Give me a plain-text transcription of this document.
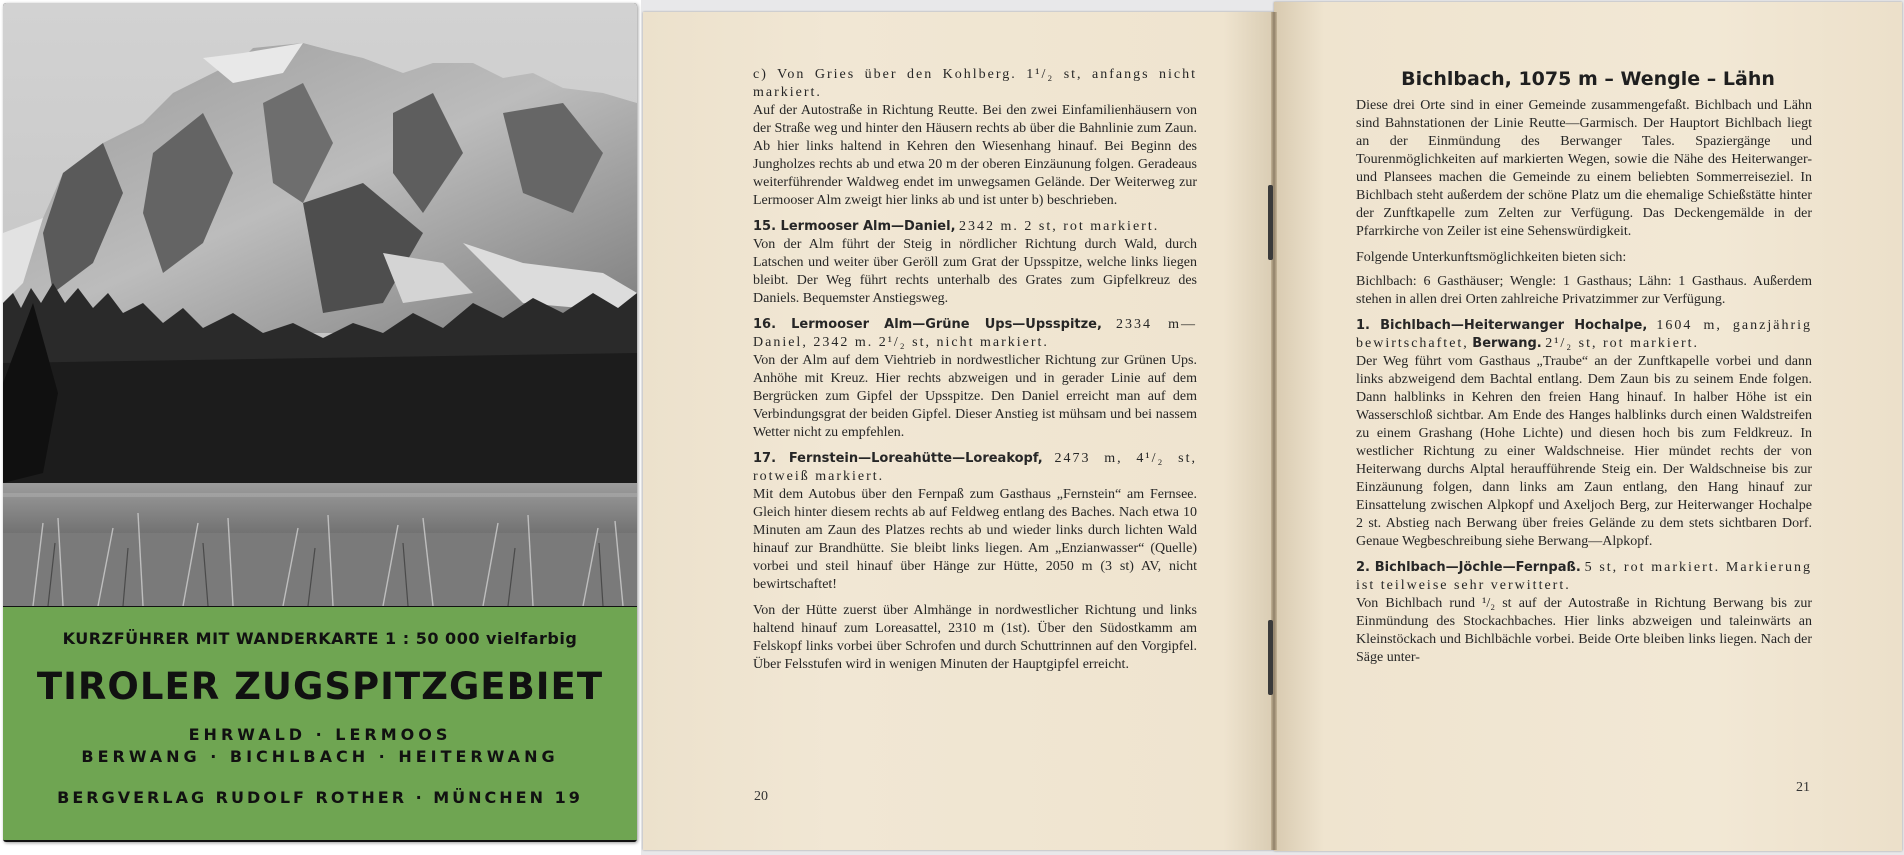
KURZFÜHRER MIT WANDERKARTE 1 : 50 000 vielfarbig
TIROLER ZUGSPITZGEBIET
EHRWALD · LERMOOS
BERWANG · BICHLBACH · HEITERWANG
BERGVERLAG RUDOLF ROTHER · MÜNCHEN 19

c) Von Gries über den Kohlberg. 1¹/₂ st, anfangs nicht markiert.
Auf der Autostraße in Richtung Reutte. Bei den zwei Einfamilienhäusern von der Straße weg und hinter den Häusern rechts ab über die Bahnlinie zum Zaun. Ab hier links haltend in Kehren den Wiesenhang hinauf. Bei Beginn des Jungholzes rechts ab und etwa 20 m der oberen Einzäunung folgen. Geradeaus weiterführender Waldweg endet im unwegsamen Gelände. Der Weiterweg zur Lermooser Alm zweigt hier links ab und ist unter b) beschrieben.

15. Lermooser Alm—Daniel, 2342 m. 2 st, rot markiert.
Von der Alm führt der Steig in nördlicher Richtung durch Wald, durch Latschen und weiter über Geröll zum Grat der Upsspitze, welche links liegen bleibt. Der Weg führt rechts unterhalb des Grates zum Gipfelkreuz des Daniels. Bequemster Anstiegsweg.

16. Lermooser Alm—Grüne Ups—Upsspitze, 2334 m—Daniel, 2342 m. 2¹/₂ st, nicht markiert.
Von der Alm auf dem Viehtrieb in nordwestlicher Richtung zur Grünen Ups. Anhöhe mit Kreuz. Hier rechts abzweigen und in gerader Linie auf dem Bergrücken zum Gipfel der Upsspitze. Den Daniel erreicht man auf dem Verbindungsgrat der beiden Gipfel. Dieser Anstieg ist mühsam und bei nassem Wetter nicht zu empfehlen.

17. Fernstein—Loreahütte—Loreakopf, 2473 m, 4¹/₂ st, rotweiß markiert.
Mit dem Autobus über den Fernpaß zum Gasthaus „Fernstein“ am Fernsee. Gleich hinter diesem rechts ab auf Feldweg entlang des Baches. Nach etwa 10 Minuten am Zaun des Platzes rechts ab und wieder links durch lichten Wald hinauf zur Brandhütte. Sie bleibt links liegen. Am „Enzianwasser“ (Quelle) vorbei und steil hinauf über Hänge zur Hütte, 2050 m (3 st) AV, nicht bewirtschaftet!

Von der Hütte zuerst über Almhänge in nordwestlicher Richtung und links haltend hinauf zum Loreasattel, 2310 m (1st). Über den Südostkamm am Felskopf links vorbei über Schrofen und durch Schuttrinnen auf den Vorgipfel. Über Felsstufen wird in wenigen Minuten der Hauptgipfel erreicht.

20
Bichlbach, 1075 m – Wengle – Lähn

Diese drei Orte sind in einer Gemeinde zusammengefaßt. Bichlbach und Lähn sind Bahnstationen der Linie Reutte—Garmisch. Der Hauptort Bichlbach liegt an der Einmündung des Berwanger Tales. Spaziergänge und Tourenmöglichkeiten auf markierten Wegen, sowie die Nähe des Heiterwanger- und Plansees machen die Gemeinde zu einem beliebten Sommerreiseziel. In Bichlbach steht außerdem der schöne Platz um die ehemalige Schießstätte hinter der Zunftkapelle zum Zelten zur Verfügung. Das Deckengemälde in der Pfarrkirche von Zeiler ist eine Sehenswürdigkeit.

Folgende Unterkunftsmöglichkeiten bieten sich:

Bichlbach: 6 Gasthäuser; Wengle: 1 Gasthaus; Lähn: 1 Gasthaus. Außerdem stehen in allen drei Orten zahlreiche Privatzimmer zur Verfügung.

1. Bichlbach—Heiterwanger Hochalpe, 1604 m, ganzjährig bewirtschaftet, Berwang. 2¹/₂ st, rot markiert.
Der Weg führt vom Gasthaus „Traube“ an der Zunftkapelle vorbei und dann links abzweigend dem Bachtal entlang. Dem Zaun bis zu seinem Ende folgen. Dann halblinks in Kehren den freien Hang hinauf. In halber Höhe ist ein Wasserschloß sichtbar. Am Ende des Hanges halblinks durch einen Waldstreifen zu einem Grashang (Hohe Lichte) und diesen hoch bis zum Feldkreuz. In westlicher Richtung zu einer Waldschneise. Hier mündet rechts der von Heiterwang durchs Alptal heraufführende Steig ein. Der Waldschneise bis zur Einzäunung folgen, dann links am Zaun entlang, den Hang hinauf zur Einsattelung zwischen Alpkopf und Axeljoch Berg, zur Heiterwanger Hochalpe 2 st. Abstieg nach Berwang über freies Gelände zu dem stets sichtbaren Dorf. Genaue Wegbeschreibung siehe Berwang—Alpkopf.

2. Bichlbach—Jöchle—Fernpaß. 5 st, rot markiert. Markierung ist teilweise sehr verwittert.
Von Bichlbach rund ¹/₂ st auf der Autostraße in Richtung Berwang bis zur Einmündung des Stockachbaches. Hier links abzweigen und taleinwärts an Kleinstöckach und Bichlbächle vorbei. Beide Orte bleiben links liegen. Nach der Säge unter-

21
